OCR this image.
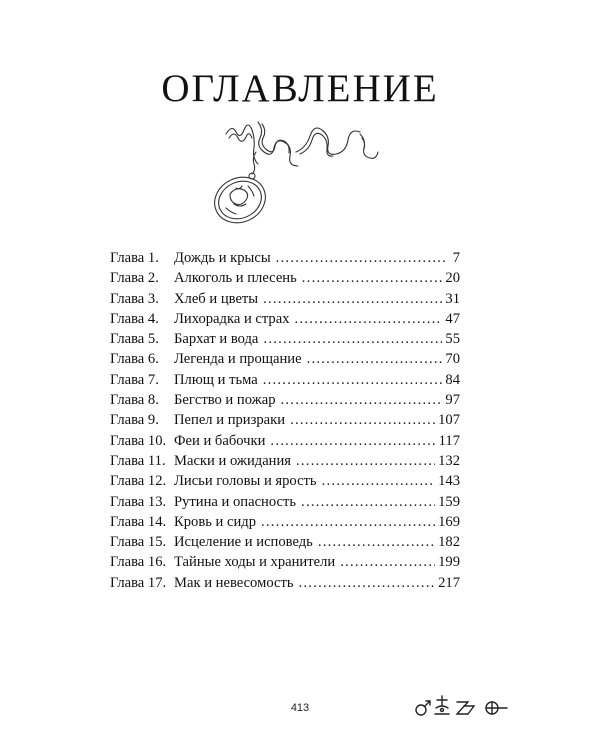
ОГЛАВЛЕНИЕ
Глава 1.	Дождь и крысы . . .	7
Глава 2.	Алкоголь и плесень . . .	20
Глава 3.	Хлеб и цветы . . .	31
Глава 4.	Лихорадка и страх . . .	47
Глава 5.	Бархат и вода . . .	55
Глава 6.	Легенда и прощание . . .	70
Глава 7.	Плющ и тьма . . .	84
Глава 8.	Бегство и пожар . . .	97
Глава 9.	Пепел и призраки . . .	107
Глава 10. Феи и бабочки . . .	117
Глава 11. Маски и ожидания . . .	132
Глава 12. Лисьи головы и ярость . . .	143
Глава 13. Рутина и опасность . . .	159
Глава 14. Кровь и сидр . . .	169
Глава 15. Исцеление и исповедь . . .	182
Глава 16. Тайные ходы и хранители . . .	199
Глава 17. Мак и невесомость . . .	217
413
